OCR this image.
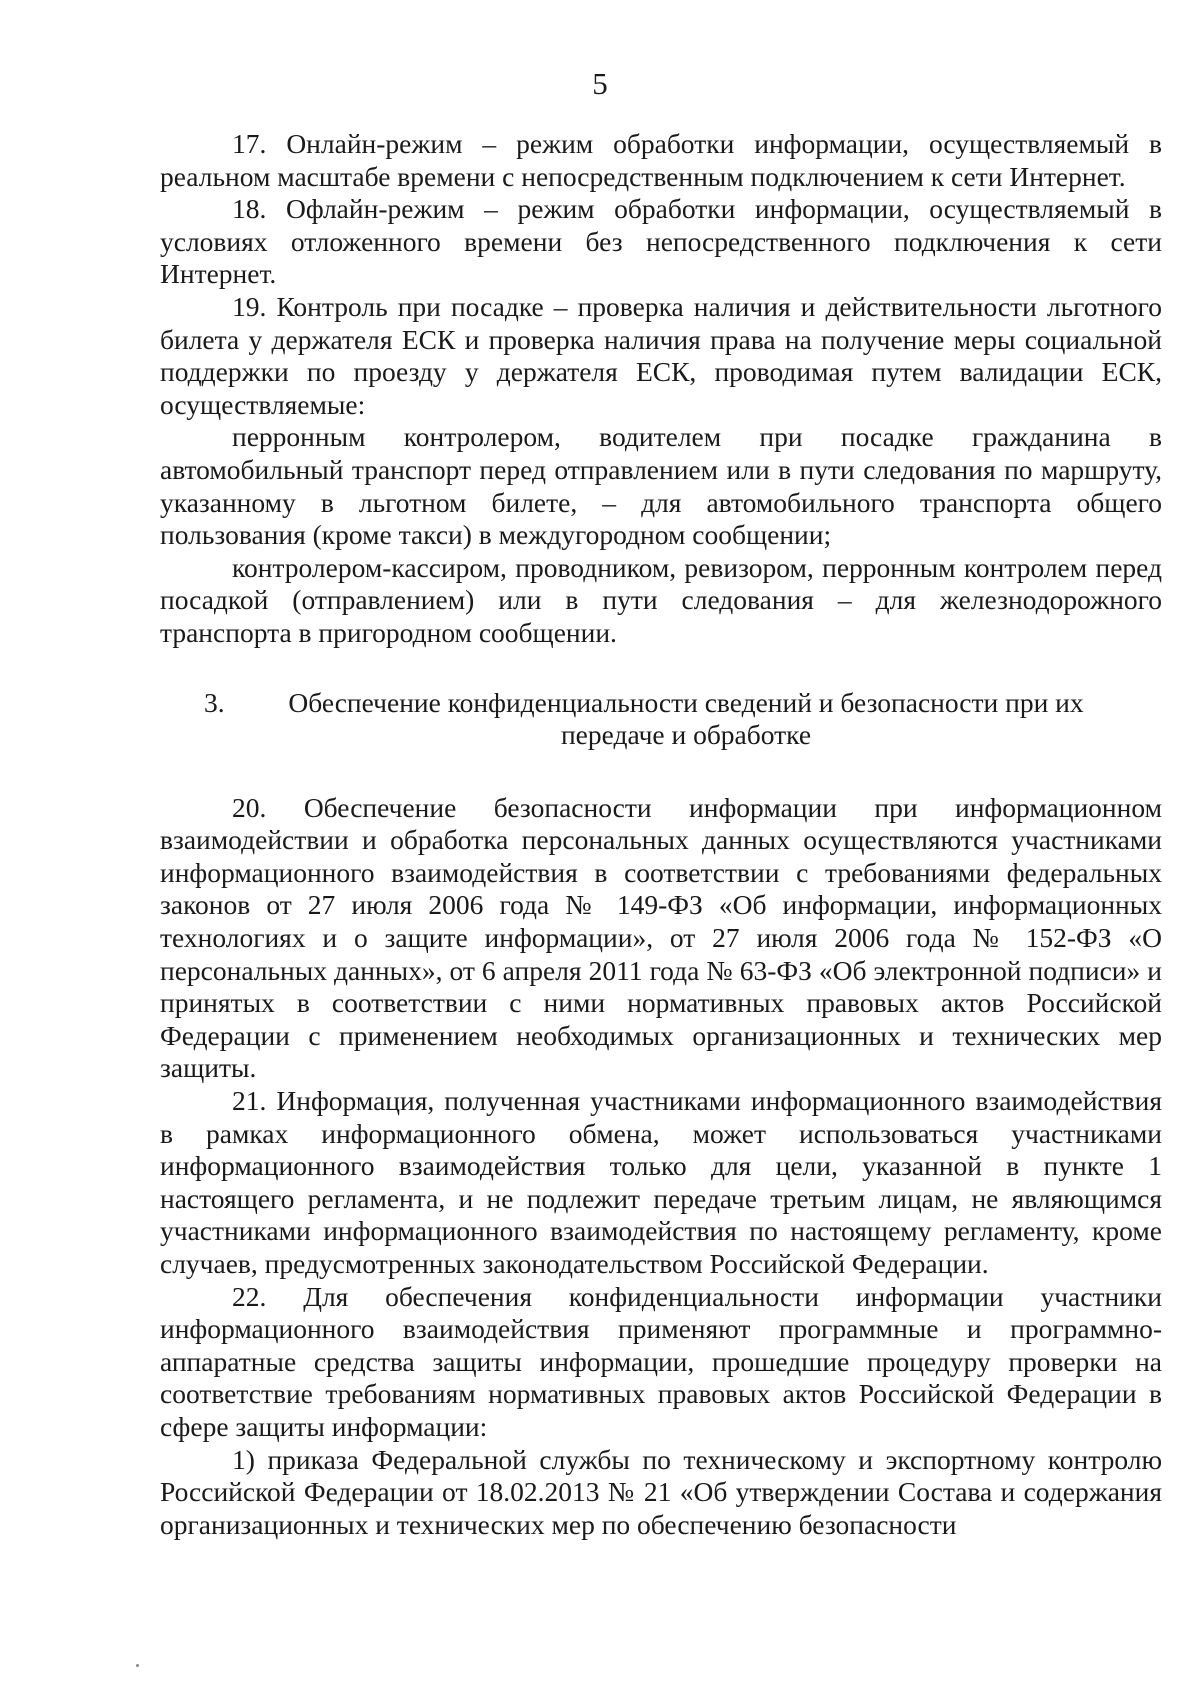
5

17. Онлайн-режим – режим обработки информации, осуществляемый в реальном масштабе времени с непосредственным подключением к сети Интернет.

18. Офлайн-режим – режим обработки информации, осуществляемый в условиях отложенного времени без непосредственного подключения к сети Интернет.

19. Контроль при посадке – проверка наличия и действительности льготного билета у держателя ЕСК и проверка наличия права на получение меры социальной поддержки по проезду у держателя ЕСК, проводимая путем валидации ЕСК, осуществляемые:

перронным контролером, водителем при посадке гражданина в автомобильный транспорт перед отправлением или в пути следования по маршруту, указанному в льготном билете, – для автомобильного транспорта общего пользования (кроме такси) в междугородном сообщении;

контролером-кассиром, проводником, ревизором, перронным контролем перед посадкой (отправлением) или в пути следования – для железнодорожного транспорта в пригородном сообщении.

3.	Обеспечение конфиденциальности сведений и безопасности при их передаче и обработке

20. Обеспечение безопасности информации при информационном взаимодействии и обработка персональных данных осуществляются участниками информационного взаимодействия в соответствии с требованиями федеральных законов от 27 июля 2006 года № 149-ФЗ «Об информации, информационных технологиях и о защите информации», от 27 июля 2006 года № 152-ФЗ «О персональных данных», от 6 апреля 2011 года № 63-ФЗ «Об электронной подписи» и принятых в соответствии с ними нормативных правовых актов Российской Федерации с применением необходимых организационных и технических мер защиты.

21. Информация, полученная участниками информационного взаимодействия в рамках информационного обмена, может использоваться участниками информационного взаимодействия только для цели, указанной в пункте 1 настоящего регламента, и не подлежит передаче третьим лицам, не являющимся участниками информационного взаимодействия по настоящему регламенту, кроме случаев, предусмотренных законодательством Российской Федерации.

22. Для обеспечения конфиденциальности информации участники информационного взаимодействия применяют программные и программно-аппаратные средства защиты информации, прошедшие процедуру проверки на соответствие требованиям нормативных правовых актов Российской Федерации в сфере защиты информации:

1) приказа Федеральной службы по техническому и экспортному контролю Российской Федерации от 18.02.2013 № 21 «Об утверждении Состава и содержания организационных и технических мер по обеспечению безопасности
